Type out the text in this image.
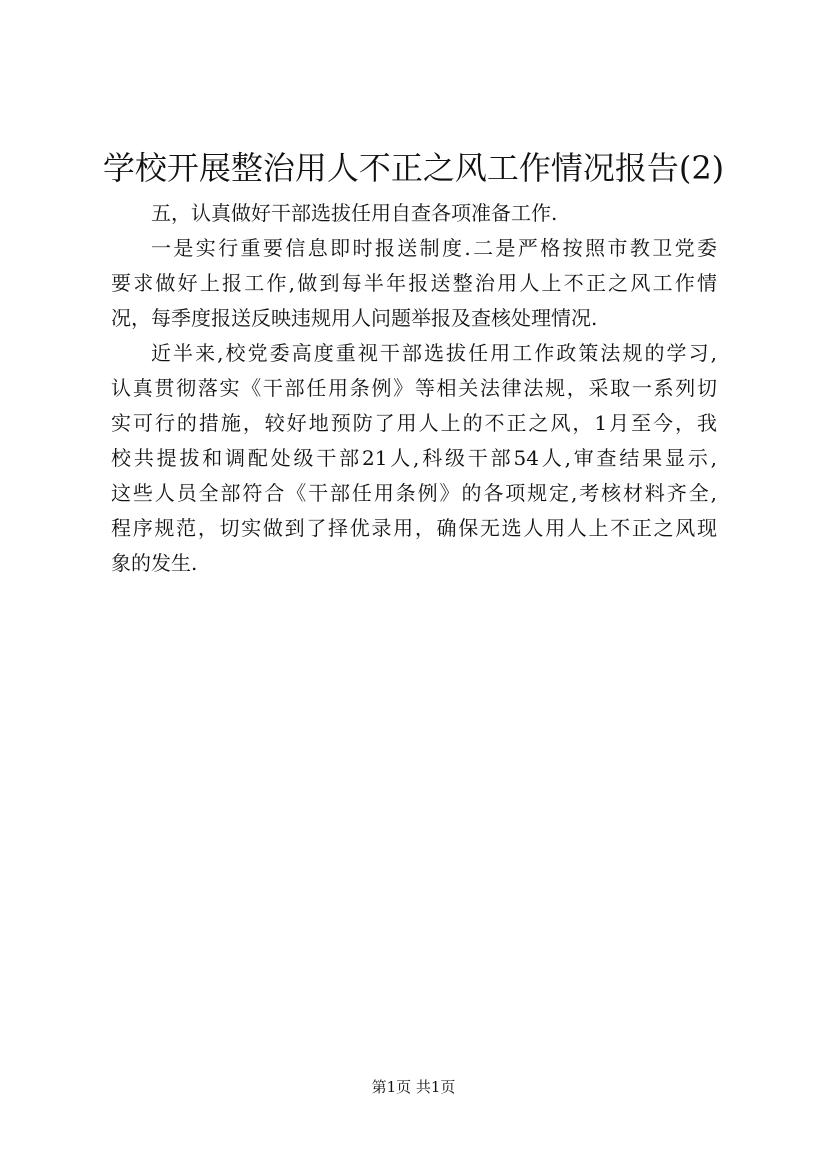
学校开展整治用人不正之风工作情况报告(2)

五，认真做好干部选拔任用自查各项准备工作.

一是实行重要信息即时报送制度.二是严格按照市教卫党委
要求做好上报工作,做到每半年报送整治用人上不正之风工作情
况，每季度报送反映违规用人问题举报及查核处理情况.

近半来,校党委高度重视干部选拔任用工作政策法规的学习,
认真贯彻落实《干部任用条例》等相关法律法规，采取一系列切
实可行的措施，较好地预防了用人上的不正之风，1月至今，我
校共提拔和调配处级干部21人,科级干部54人,审查结果显示,
这些人员全部符合《干部任用条例》的各项规定,考核材料齐全,
程序规范，切实做到了择优录用，确保无选人用人上不正之风现
象的发生.

第1页 共1页
